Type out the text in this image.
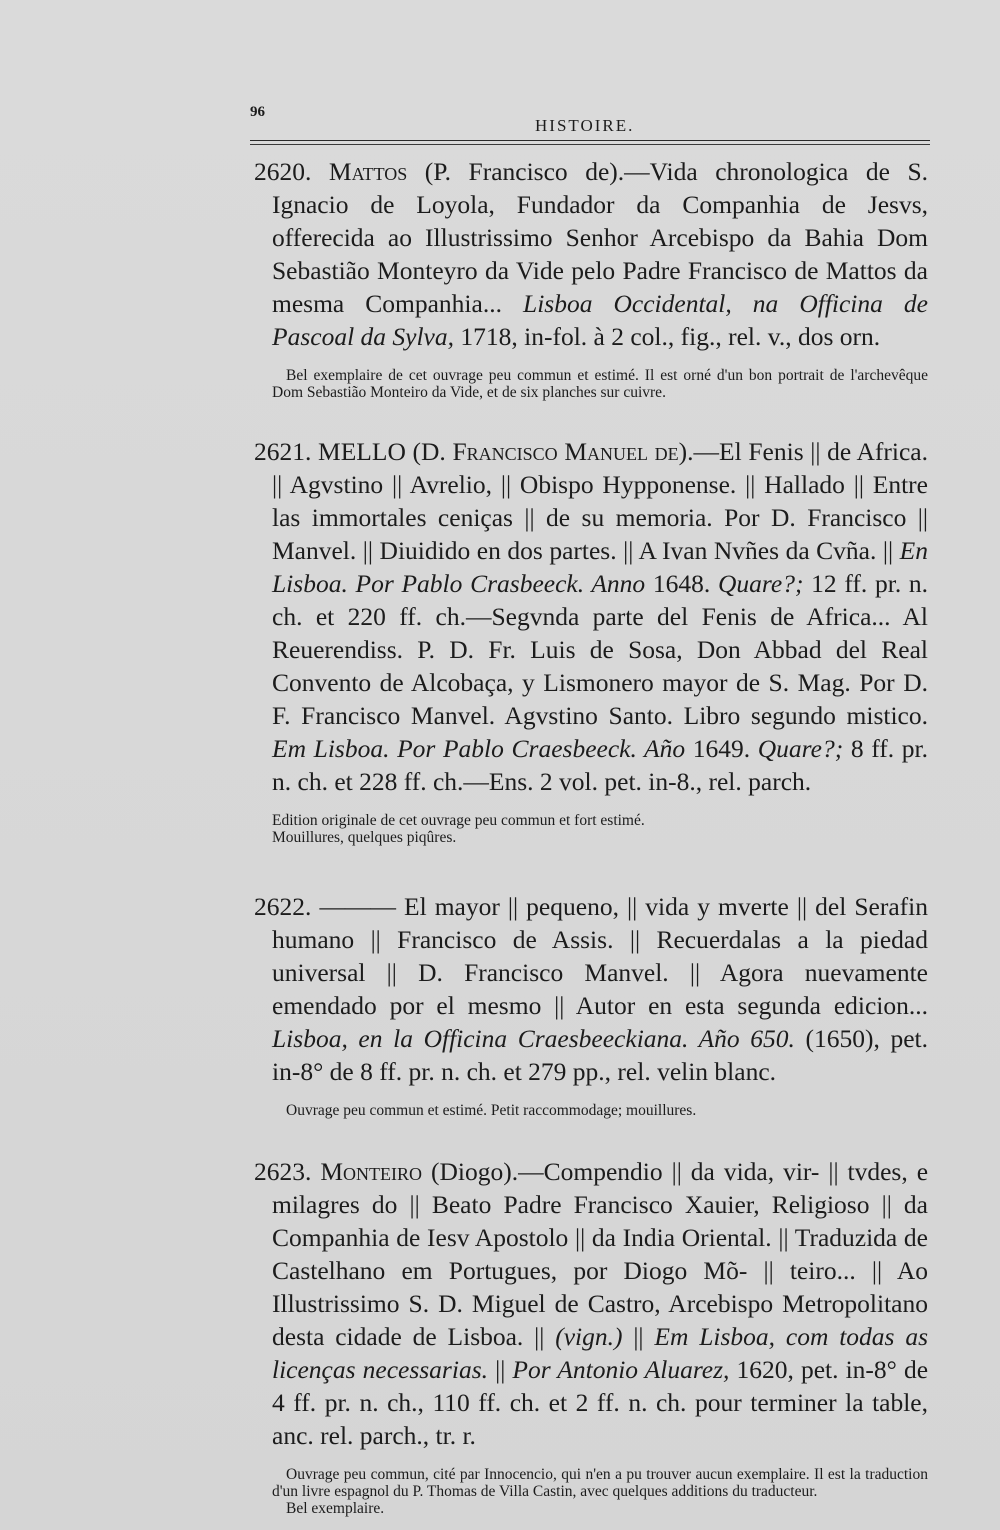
96
HISTOIRE.

2620. Mattos (P. Francisco de).—Vida chronologica de S. Ignacio de Loyola, Fundador da Companhia de Jesvs, offerecida ao Illustrissimo Senhor Arcebispo da Bahia Dom Sebastião Monteyro da Vide pelo Padre Francisco de Mattos da mesma Companhia... Lisboa Occidental, na Officina de Pascoal da Sylva, 1718, in-fol. à 2 col., fig., rel. v., dos orn.

Bel exemplaire de cet ouvrage peu commun et estimé. Il est orné d'un bon portrait de l'archevêque Dom Sebastião Monteiro da Vide, et de six planches sur cuivre.

2621. MELLO (D. Francisco Manuel de).—El Fenis || de Africa. || Agvstino || Avrelio, || Obispo Hypponense. || Hallado || Entre las immortales ceniças || de su memoria. Por D. Francisco || Manvel. || Diuidido en dos partes. || A Ivan Nvñes da Cvña. || En Lisboa. Por Pablo Crasbeeck. Anno 1648. Quare?; 12 ff. pr. n. ch. et 220 ff. ch.—Segvnda parte del Fenis de Africa... Al Reuerendiss. P. D. Fr. Luis de Sosa, Don Abbad del Real Convento de Alcobaça, y Lismonero mayor de S. Mag. Por D. F. Francisco Manvel. Agvstino Santo. Libro segundo mistico. Em Lisboa. Por Pablo Craesbeeck. Año 1649. Quare?; 8 ff. pr. n. ch. et 228 ff. ch.—Ens. 2 vol. pet. in-8., rel. parch.

Edition originale de cet ouvrage peu commun et fort estimé.
Mouillures, quelques piqûres.

2622. ——— El mayor || pequeno, || vida y mverte || del Serafin humano || Francisco de Assis. || Recuerdalas a la piedad universal || D. Francisco Manvel. || Agora nuevamente emendado por el mesmo || Autor en esta segunda edicion... Lisboa, en la Officina Craesbeeckiana. Año 650. (1650), pet. in-8° de 8 ff. pr. n. ch. et 279 pp., rel. velin blanc.

Ouvrage peu commun et estimé. Petit raccommodage; mouillures.

2623. Monteiro (Diogo).—Compendio || da vida, vir- || tvdes, e milagres do || Beato Padre Francisco Xauier, Religioso || da Companhia de Iesv Apostolo || da India Oriental. || Traduzida de Castelhano em Portugues, por Diogo Mõ- || teiro... || Ao Illustrissimo S. D. Miguel de Castro, Arcebispo Metropolitano desta cidade de Lisboa. || (vign.) || Em Lisboa, com todas as licenças necessarias. || Por Antonio Aluarez, 1620, pet. in-8° de 4 ff. pr. n. ch., 110 ff. ch. et 2 ff. n. ch. pour terminer la table, anc. rel. parch., tr. r.

Ouvrage peu commun, cité par Innocencio, qui n'en a pu trouver aucun exemplaire. Il est la traduction d'un livre espagnol du P. Thomas de Villa Castin, avec quelques additions du traducteur.

Bel exemplaire.
